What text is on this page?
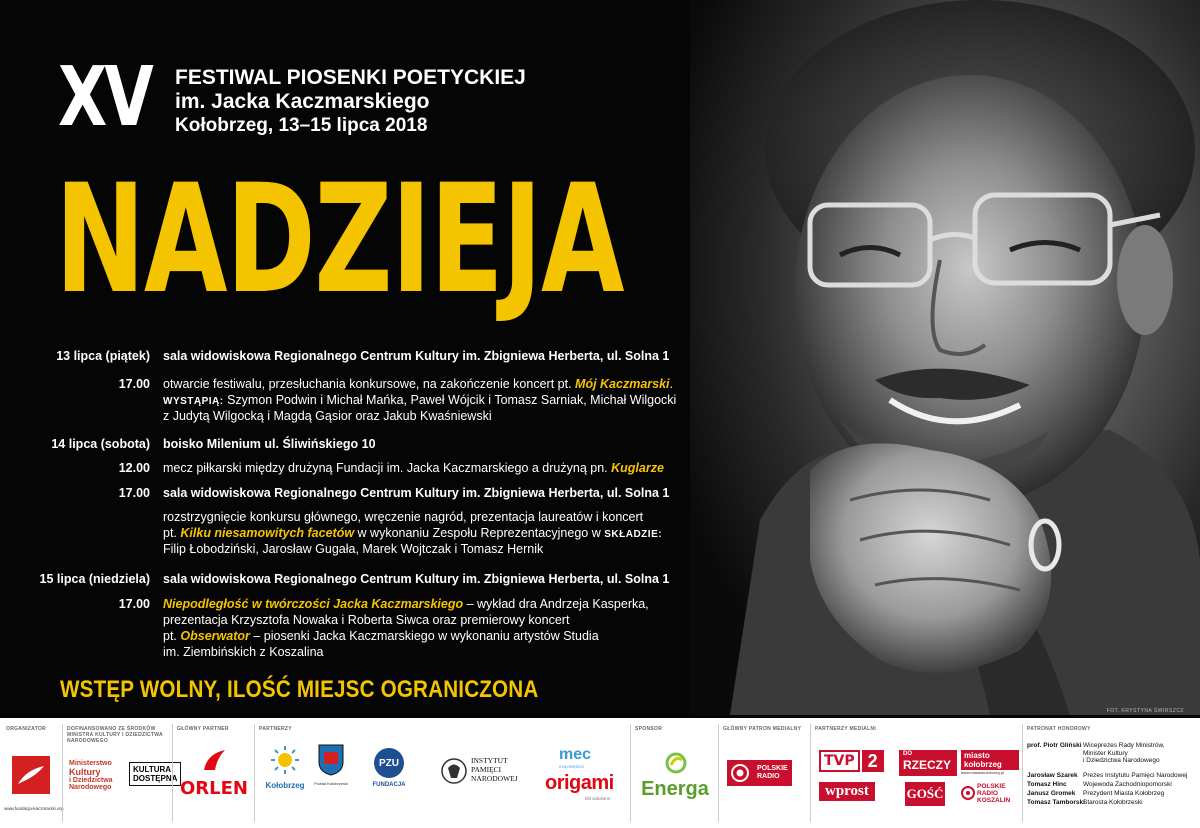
FOT. KRYSTYNA ŚWIRSZCZ
XV FESTIWAL PIOSENKI POETYCKIEJ
im. Jacka Kaczmarskiego
Kołobrzeg, 13–15 lipca 2018
NADZIEJA
13 lipca (piątek) sala widowiskowa Regionalnego Centrum Kultury im. Zbigniewa Herberta, ul. Solna 1
17.00 otwarcie festiwalu, przesłuchania konkursowe, na zakończenie koncert pt. Mój Kaczmarski.
WYSTĄPIĄ: Szymon Podwin i Michał Mańka, Paweł Wójcik i Tomasz Sarniak, Michał Wilgocki
z Judytą Wilgocką i Magdą Gąsior oraz Jakub Kwaśniewski
14 lipca (sobota) boisko Milenium ul. Śliwińskiego 10
12.00 mecz piłkarski między drużyną Fundacji im. Jacka Kaczmarskiego a drużyną pn. Kuglarze
17.00 sala widowiskowa Regionalnego Centrum Kultury im. Zbigniewa Herberta, ul. Solna 1
rozstrzygnięcie konkursu głównego, wręczenie nagród, prezentacja laureatów i koncert
pt. Kilku niesamowitych facetów w wykonaniu Zespołu Reprezentacyjnego w SKŁADZIE:
Filip Łobodziński, Jarosław Gugała, Marek Wojtczak i Tomasz Hernik
15 lipca (niedziela) sala widowiskowa Regionalnego Centrum Kultury im. Zbigniewa Herberta, ul. Solna 1
17.00 Niepodległość w twórczości Jacka Kaczmarskiego – wykład dra Andrzeja Kasperka,
prezentacja Krzysztofa Nowaka i Roberta Siwca oraz premierowy koncert
pt. Obserwator – piosenki Jacka Kaczmarskiego w wykonaniu artystów Studia
im. Ziembińskich z Koszalina
WSTĘP WOLNY, ILOŚĆ MIEJSC OGRANICZONA
ORGANIZATOR
www.fundacja-kaczmarski.org
DOFINANSOWANO ZE ŚRODKÓW MINISTRA KULTURY I DZIEDZICTWA NARODOWEGO
Ministerstwo
Kultury
i Dziedzictwa
Narodowego
KULTURA
DOSTĘPNA
GŁÓWNY PARTNER
ORLEN
PARTNERZY
Kołobrzeg	Powiat Kołobrzeski
PZU
FUNDACJA
INSTYTUT
PAMIĘCI
NARODOWEJ
mec
KOŁOBRZEG
origami
bhl solutions
SPONSOR
Energa
GŁÓWNY PATRON MEDIALNY
POLSKIE
RADIO
PARTNERZY MEDIALNI
TVP 2
wprost
DO
RZECZY
GOŚĆ
miasto
kołobrzeg
www.miastokolobrzeg.pl
POLSKIE
RADIO
KOSZALIN
PATRONAT HONOROWY
prof. Piotr Gliński Wiceprezes Rady Ministrów,
Minister Kultury
i Dziedzictwa Narodowego
Jarosław Szarek Prezes Instytutu Pamięci Narodowej
Tomasz Hinc	Wojewoda Zachodniopomorski
Janusz Gromek Prezydent Miasta Kołobrzeg
Tomasz Tamborski
Starosta Kołobrzeski
